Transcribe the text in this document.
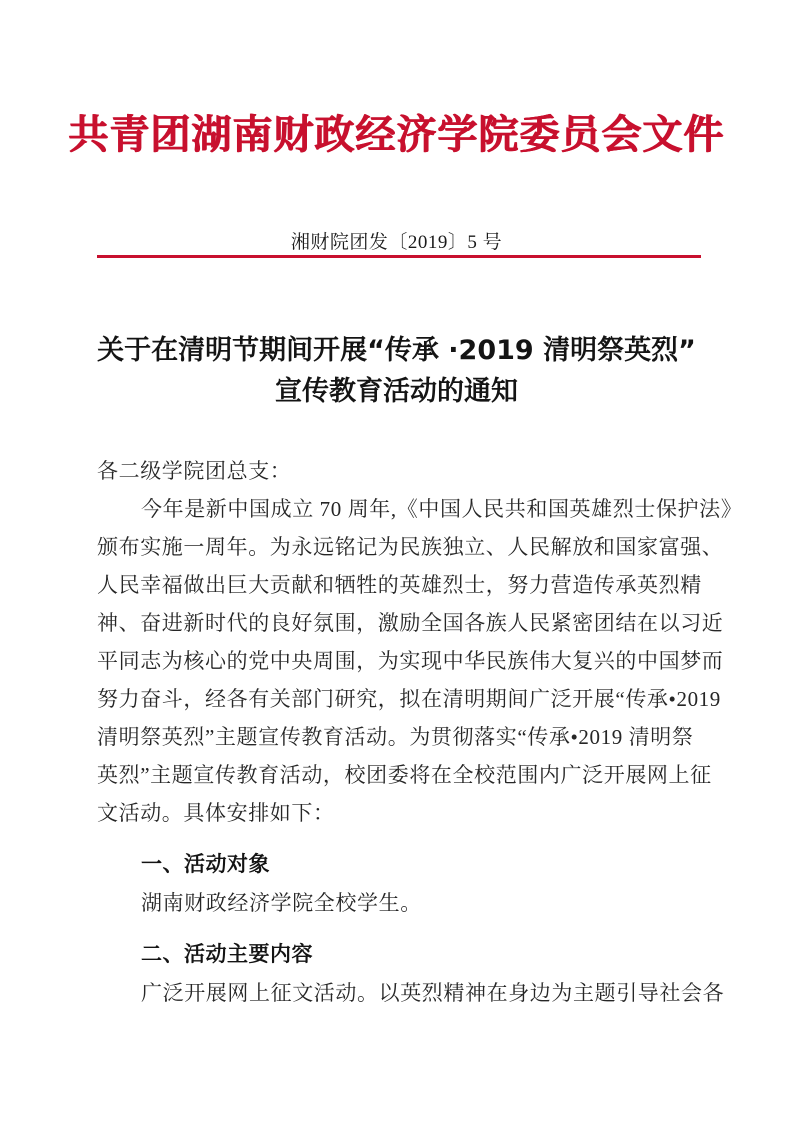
共青团湖南财政经济学院委员会文件
湘财院团发〔2019〕5 号
关于在清明节期间开展“传承 ·2019 清明祭英烈”
宣传教育活动的通知

各二级学院团总支：

今年是新中国成立 70 周年,《中国人民共和国英雄烈士保护法》

颁布实施一周年。为永远铭记为民族独立、人民解放和国家富强、

人民幸福做出巨大贡献和牺牲的英雄烈士，努力营造传承英烈精

神、奋进新时代的良好氛围，激励全国各族人民紧密团结在以习近

平同志为核心的党中央周围，为实现中华民族伟大复兴的中国梦而

努力奋斗，经各有关部门研究，拟在清明期间广泛开展“传承•2019

清明祭英烈”主题宣传教育活动。为贯彻落实“传承•2019 清明祭

英烈”主题宣传教育活动，校团委将在全校范围内广泛开展网上征

文活动。具体安排如下：

一、活动对象

湖南财政经济学院全校学生。

二、活动主要内容

广泛开展网上征文活动。以英烈精神在身边为主题引导社会各
